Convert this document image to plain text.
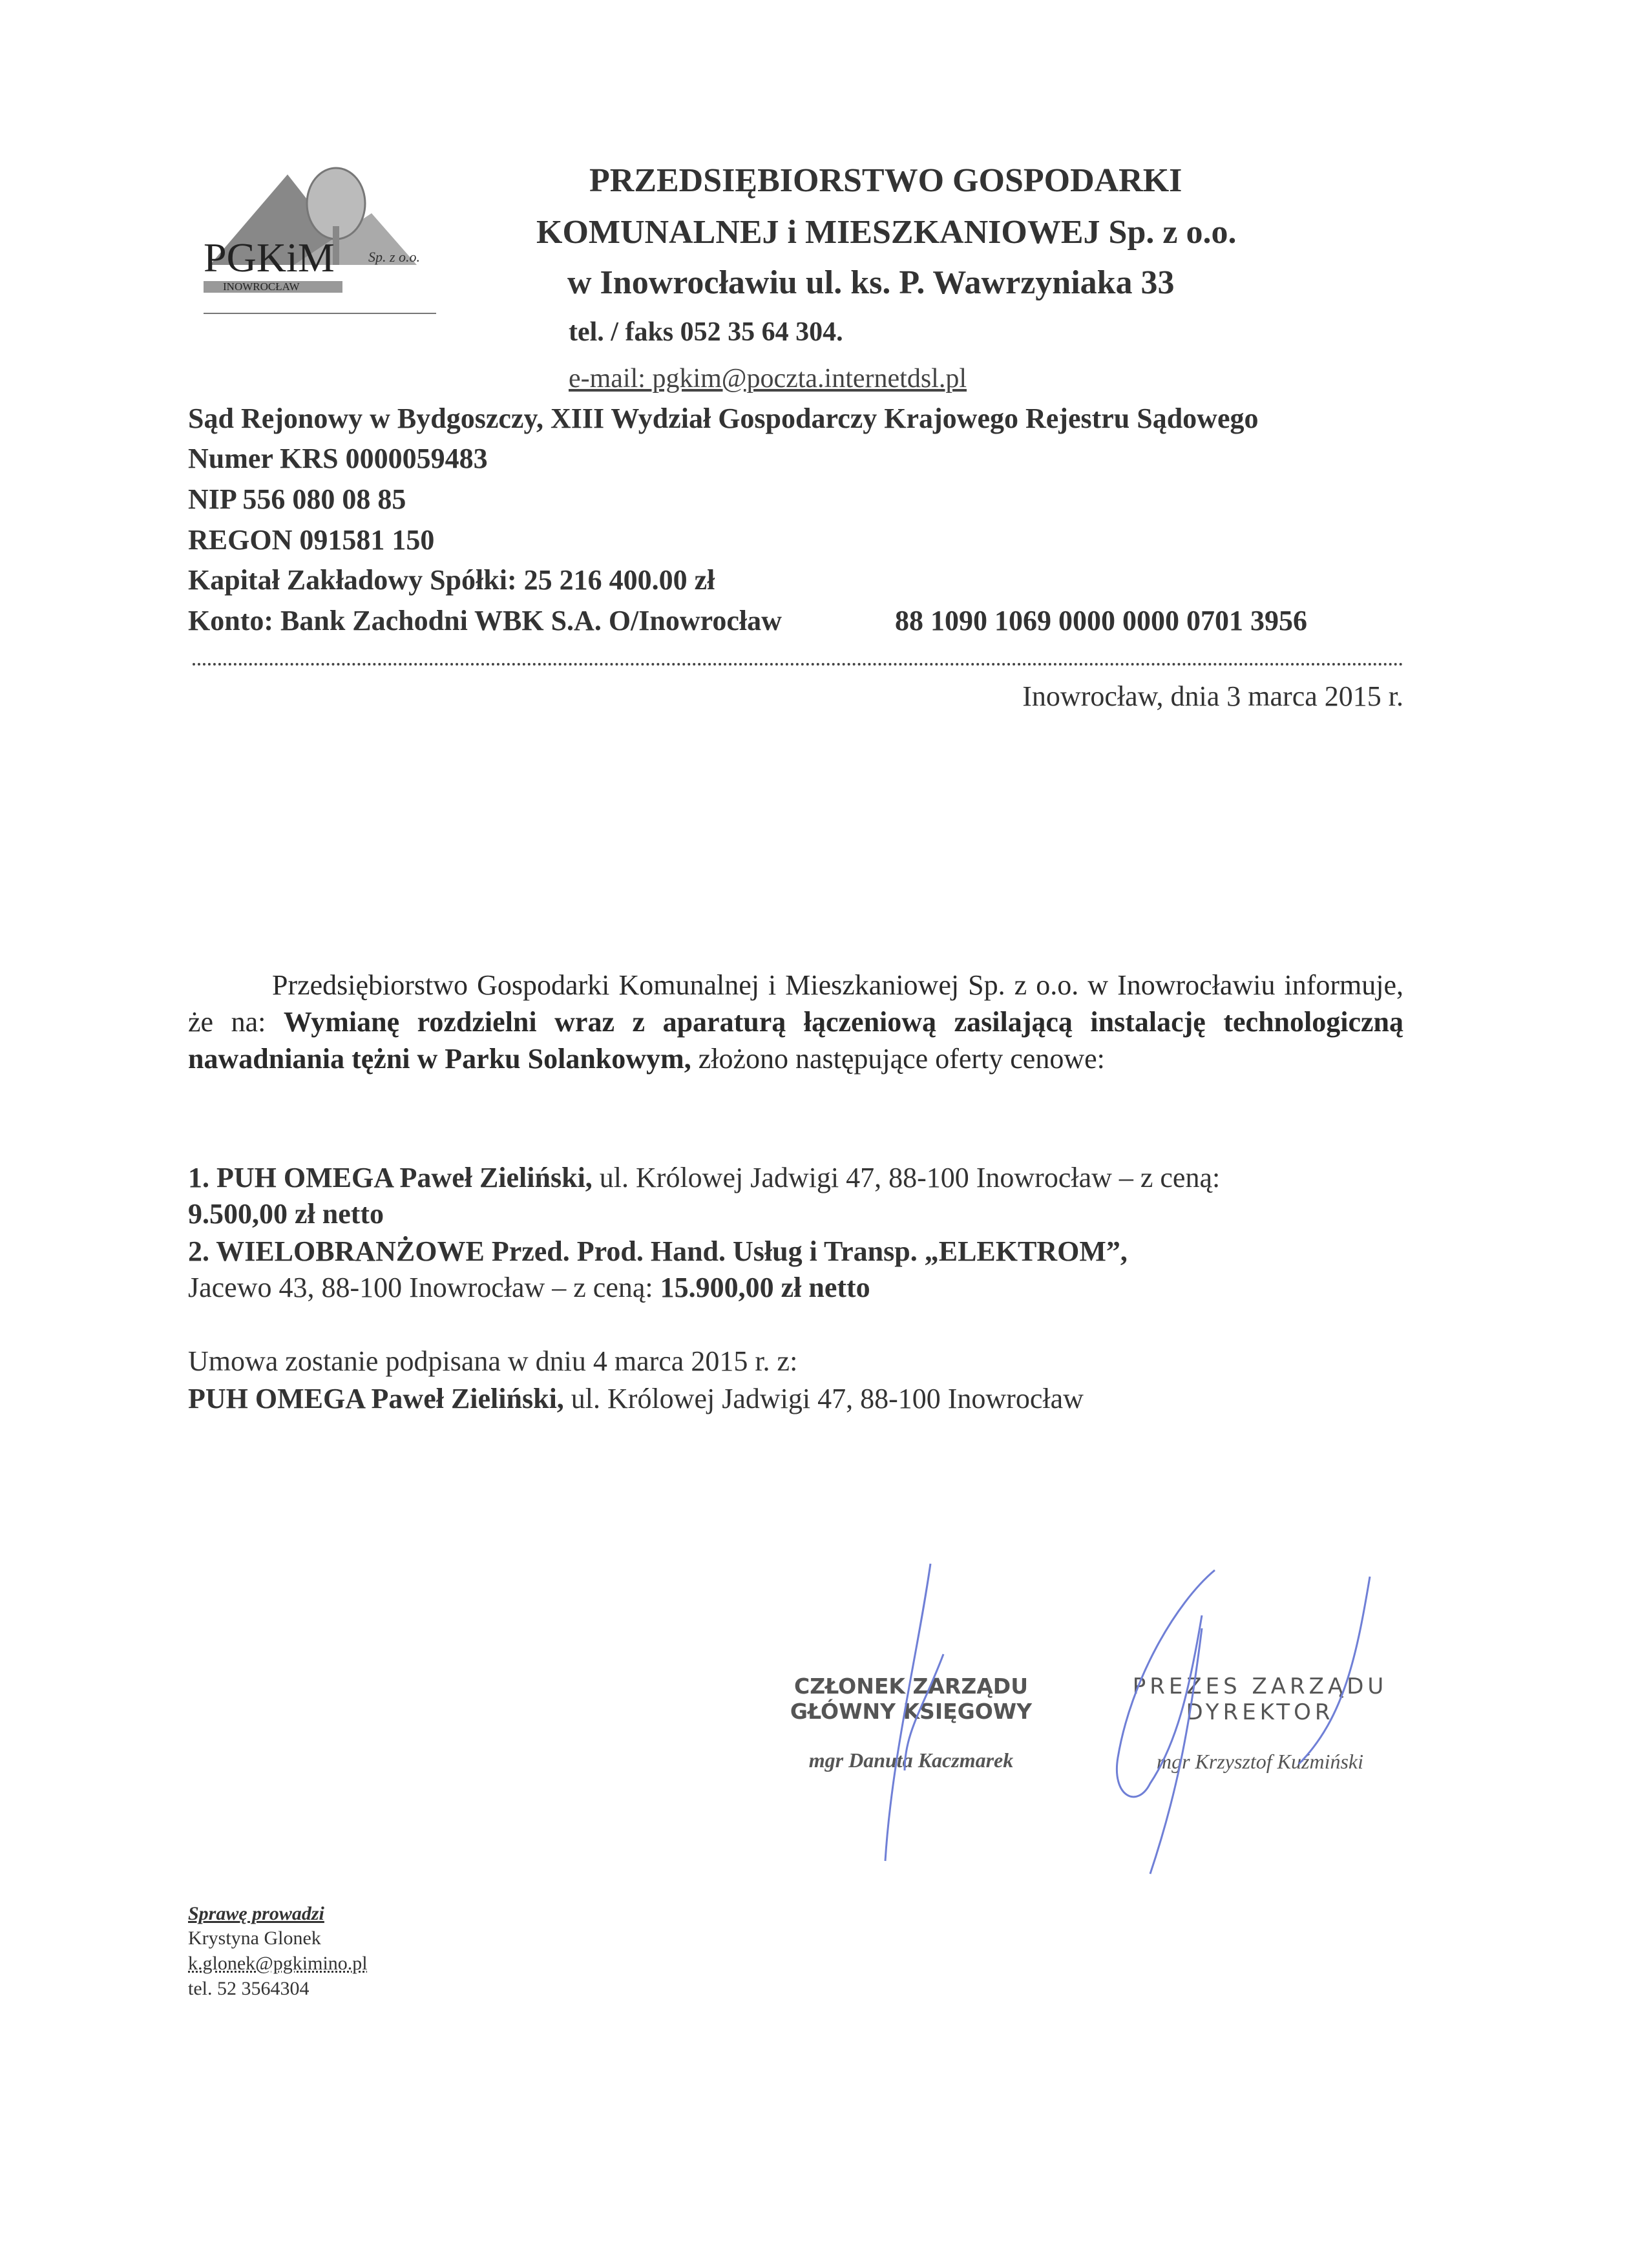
PGKiM
INOWROCŁAW
Sp. z o.o.
PRZEDSIĘBIORSTWO GOSPODARKI
KOMUNALNEJ i MIESZKANIOWEJ Sp. z o.o.
w Inowrocławiu ul. ks. P. Wawrzyniaka 33
tel. / faks 052 35 64 304.
e-mail: pgkim@poczta.internetdsl.pl
Sąd Rejonowy w Bydgoszczy, XIII Wydział Gospodarczy Krajowego Rejestru Sądowego
Numer KRS 0000059483
NIP 556 080 08 85
REGON 091581 150
Kapitał Zakładowy Spółki: 25 216 400.00 zł
Konto: Bank Zachodni WBK S.A. O/Inowrocław	88 1090 1069 0000 0000 0701 3956
Inowrocław, dnia 3 marca 2015 r.

Przedsiębiorstwo Gospodarki Komunalnej i Mieszkaniowej Sp. z o.o. w Inowrocławiu informuje, że na: Wymianę rozdzielni wraz z aparaturą łączeniową zasilającą instalację technologiczną nawadniania tężni w Parku Solankowym, złożono następujące oferty cenowe:

1. PUH OMEGA Paweł Zieliński, ul. Królowej Jadwigi 47, 88-100 Inowrocław – z ceną:
9.500,00 zł netto
2. WIELOBRANŻOWE Przed. Prod. Hand. Usług i Transp. „ELEKTROM”,
Jacewo 43, 88-100 Inowrocław – z ceną: 15.900,00 zł netto
Umowa zostanie podpisana w dniu 4 marca 2015 r. z:
PUH OMEGA Paweł Zieliński, ul. Królowej Jadwigi 47, 88-100 Inowrocław
CZŁONEK ZARZĄDU
GŁÓWNY KSIĘGOWY
mgr Danuta Kaczmarek
PREZES ZARZĄDU
DYREKTOR
mgr Krzysztof Kuźmiński
Sprawę prowadzi
Krystyna Glonek
k.glonek@pgkimino.pl
tel. 52 3564304
